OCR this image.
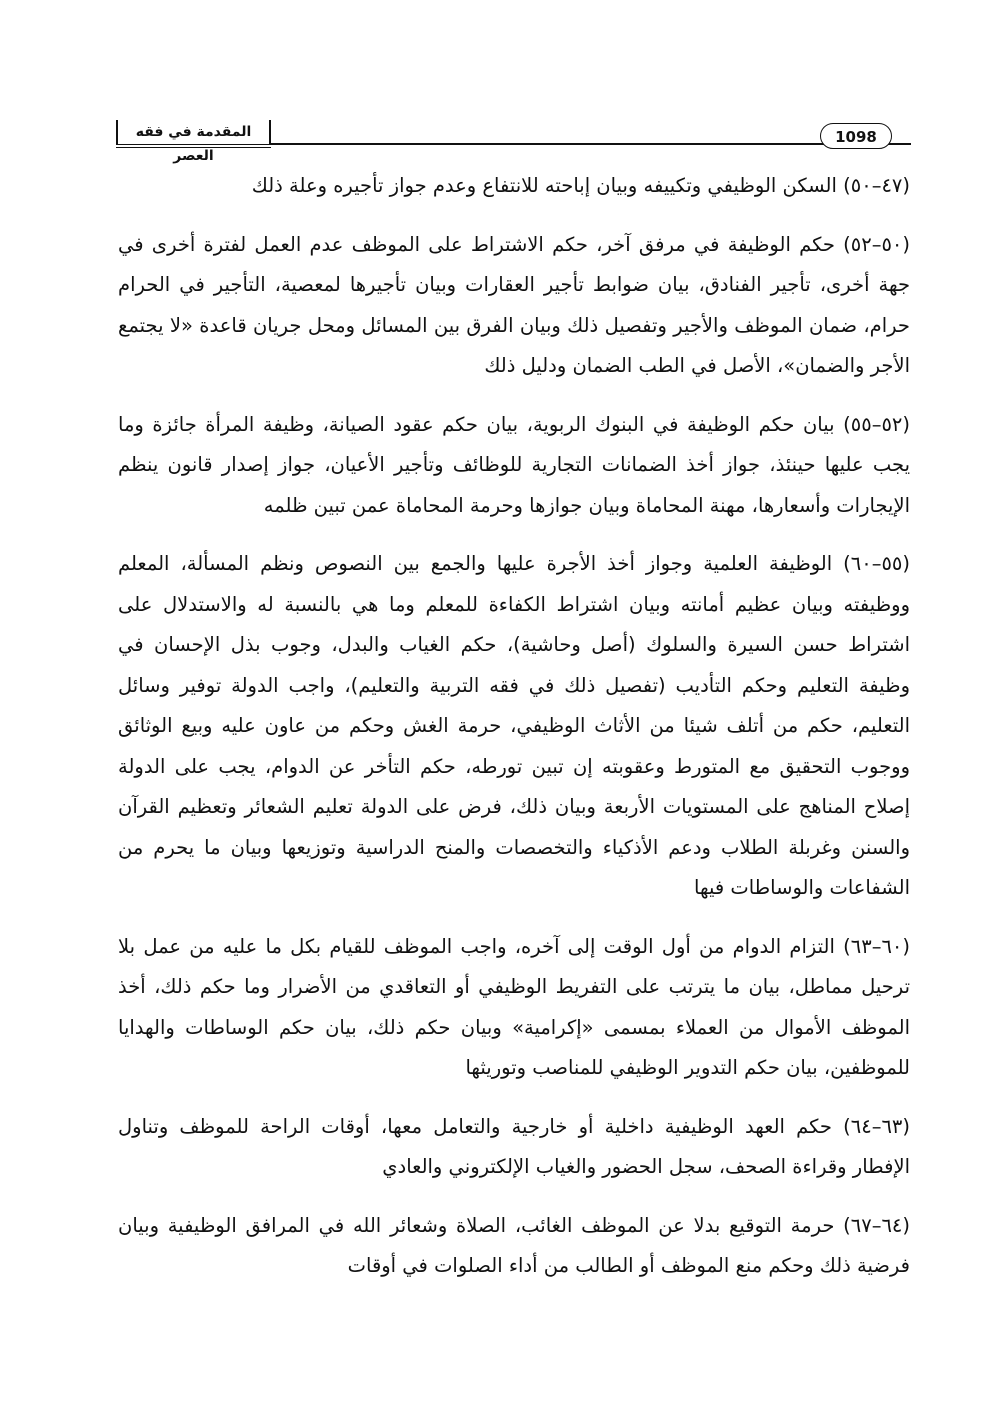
المقدمة في فقه العصر
1098

(٤٧–٥٠) السكن الوظيفي وتكييفه وبيان إباحته للانتفاع وعدم جواز تأجيره وعلة ذلك

(٥٠–٥٢) حكم الوظيفة في مرفق آخر، حكم الاشتراط على الموظف عدم العمل لفترة أخرى في جهة أخرى، تأجير الفنادق، بيان ضوابط تأجير العقارات وبيان تأجيرها لمعصية، التأجير في الحرام حرام، ضمان الموظف والأجير وتفصيل ذلك وبيان الفرق بين المسائل ومحل جريان قاعدة «لا يجتمع الأجر والضمان»، الأصل في الطب الضمان ودليل ذلك

(٥٢–٥٥) بيان حكم الوظيفة في البنوك الربوية، بيان حكم عقود الصيانة، وظيفة المرأة جائزة وما يجب عليها حينئذ، جواز أخذ الضمانات التجارية للوظائف وتأجير الأعيان، جواز إصدار قانون ينظم الإيجارات وأسعارها، مهنة المحاماة وبيان جوازها وحرمة المحاماة عمن تبين ظلمه

(٥٥–٦٠) الوظيفة العلمية وجواز أخذ الأجرة عليها والجمع بين النصوص ونظم المسألة، المعلم ووظيفته وبيان عظيم أمانته وبيان اشتراط الكفاءة للمعلم وما هي بالنسبة له والاستدلال على اشتراط حسن السيرة والسلوك (أصل وحاشية)، حكم الغياب والبدل، وجوب بذل الإحسان في وظيفة التعليم وحكم التأديب (تفصيل ذلك في فقه التربية والتعليم)، واجب الدولة توفير وسائل التعليم، حكم من أتلف شيئا من الأثاث الوظيفي، حرمة الغش وحكم من عاون عليه وبيع الوثائق ووجوب التحقيق مع المتورط وعقوبته إن تبين تورطه، حكم التأخر عن الدوام، يجب على الدولة إصلاح المناهج على المستويات الأربعة وبيان ذلك، فرض على الدولة تعليم الشعائر وتعظيم القرآن والسنن وغربلة الطلاب ودعم الأذكياء والتخصصات والمنح الدراسية وتوزيعها وبيان ما يحرم من الشفاعات والوساطات فيها

(٦٠–٦٣) التزام الدوام من أول الوقت إلى آخره، واجب الموظف للقيام بكل ما عليه من عمل بلا ترحيل مماطل، بيان ما يترتب على التفريط الوظيفي أو التعاقدي من الأضرار وما حكم ذلك، أخذ الموظف الأموال من العملاء بمسمى «إكرامية» وبيان حكم ذلك، بيان حكم الوساطات والهدايا للموظفين، بيان حكم التدوير الوظيفي للمناصب وتوريثها

(٦٣–٦٤) حكم العهد الوظيفية داخلية أو خارجية والتعامل معها، أوقات الراحة للموظف وتناول الإفطار وقراءة الصحف، سجل الحضور والغياب الإلكتروني والعادي

(٦٤–٦٧) حرمة التوقيع بدلا عن الموظف الغائب، الصلاة وشعائر الله في المرافق الوظيفية وبيان فرضية ذلك وحكم منع الموظف أو الطالب من أداء الصلوات في أوقات
